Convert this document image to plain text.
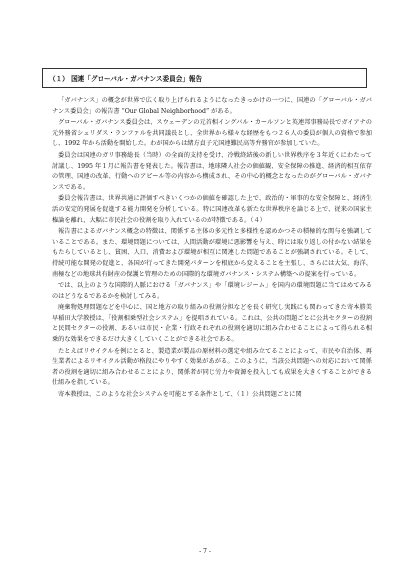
（１） 国連「グローバル・ガバナンス委員会」報告

「ガバナンス」の概念が世界で広く取り上げられるようになったきっかけの一つに、国連の「グローバル・ガバナンス委員会」の報告書 “Our Global Neighborhood” がある。

グローバル・ガバナンス委員会は、スウェーデンの元首相イングバル・カールソンと英連邦事務局長でガイアナの元外務省シュリダス・ランファルを共同議長とし、全世界から様々な経歴をもつ２６人の委員が個人の資格で参加し、1992 年から活動を開始した。わが国からは緒方貞子元国連難民高等弁務官が参加していた。

委員会は国連のガリ事務総長（当時）の全面的支持を受け、冷戦終結後の新しい世界秩序を３年近くにわたって討議し、1995 年１月に報告書を発表した。報告書は、地球隣人社会の価値観、安全保障の推進、経済的相互依存の管理、国連の改革、行動へのアピール等の内容から構成され、その中心的概念となったのがグローバル・ガバナンスである。

委員会報告書は、世界共通に評価すべきいくつかの価値を確認した上で、政治的・軍事的な安全保障と、経済生活の安定的発展を促進する能力開発を分析している。特に国連改革も新たな世界秩序を論じる上で、従来の国家主権論を離れ、大幅に市民社会の役割を取り入れているのが特徴である。（４）

報告書によるガバナンス概念の特徴は、関係する主体の多元性と多様性を認めかつその積極的な関与を強調していることである。また、環境問題については、人間活動が環境に悪影響を与え、時には取り返しの付かない結果をもたらしているとし、貧困、人口、消費および環境が相互に関連した問題であることが強調されている。そして、持続可能な開発の促進と、各国が行ってきた開発パターンを根底から変えることを主張し、さらには大気、海洋、南極などの地球共有財産の保護と管理のための国際的な環境ガバナンス・システム構築への提案を行っている。

では、以上のような国際的人脈における「ガバナンス」や「環境レジーム」を国内の環境問題に当てはめてみるのはどうなるであるかを検討してみる。

廃棄物処理問題などを中心に、国と地方の取り組みの役割分担などを長く研究し実践にも関わってきた寄本勝美早稲田大学教授は、「役割相乗型社会システム」を提唱されている。これは、公共の問題ごとに公共セクターの役割と民間セクターの役割、あるいは市民・企業・行政それぞれの役割を適切に組み合わせることによって得られる相乗的な効果をできるだけ大きくしていくことができる社会である。

たとえばリサイクルを例にとると、製造業が製品の原材料の選定や組み立てることによって、市民や自治体、再生業者によるリサイクル活動が格段にやりやすく効果があがる。このように、当該公共問題への対応において関係者の役割を適切に組み合わせることにより、関係者が同じ労力や資源を投入しても成果を大きくすることができる仕組みを指している。

寄本教授は、このような社会システムを可能とする条件として、（１）公共問題ごとに関

- 7 -
